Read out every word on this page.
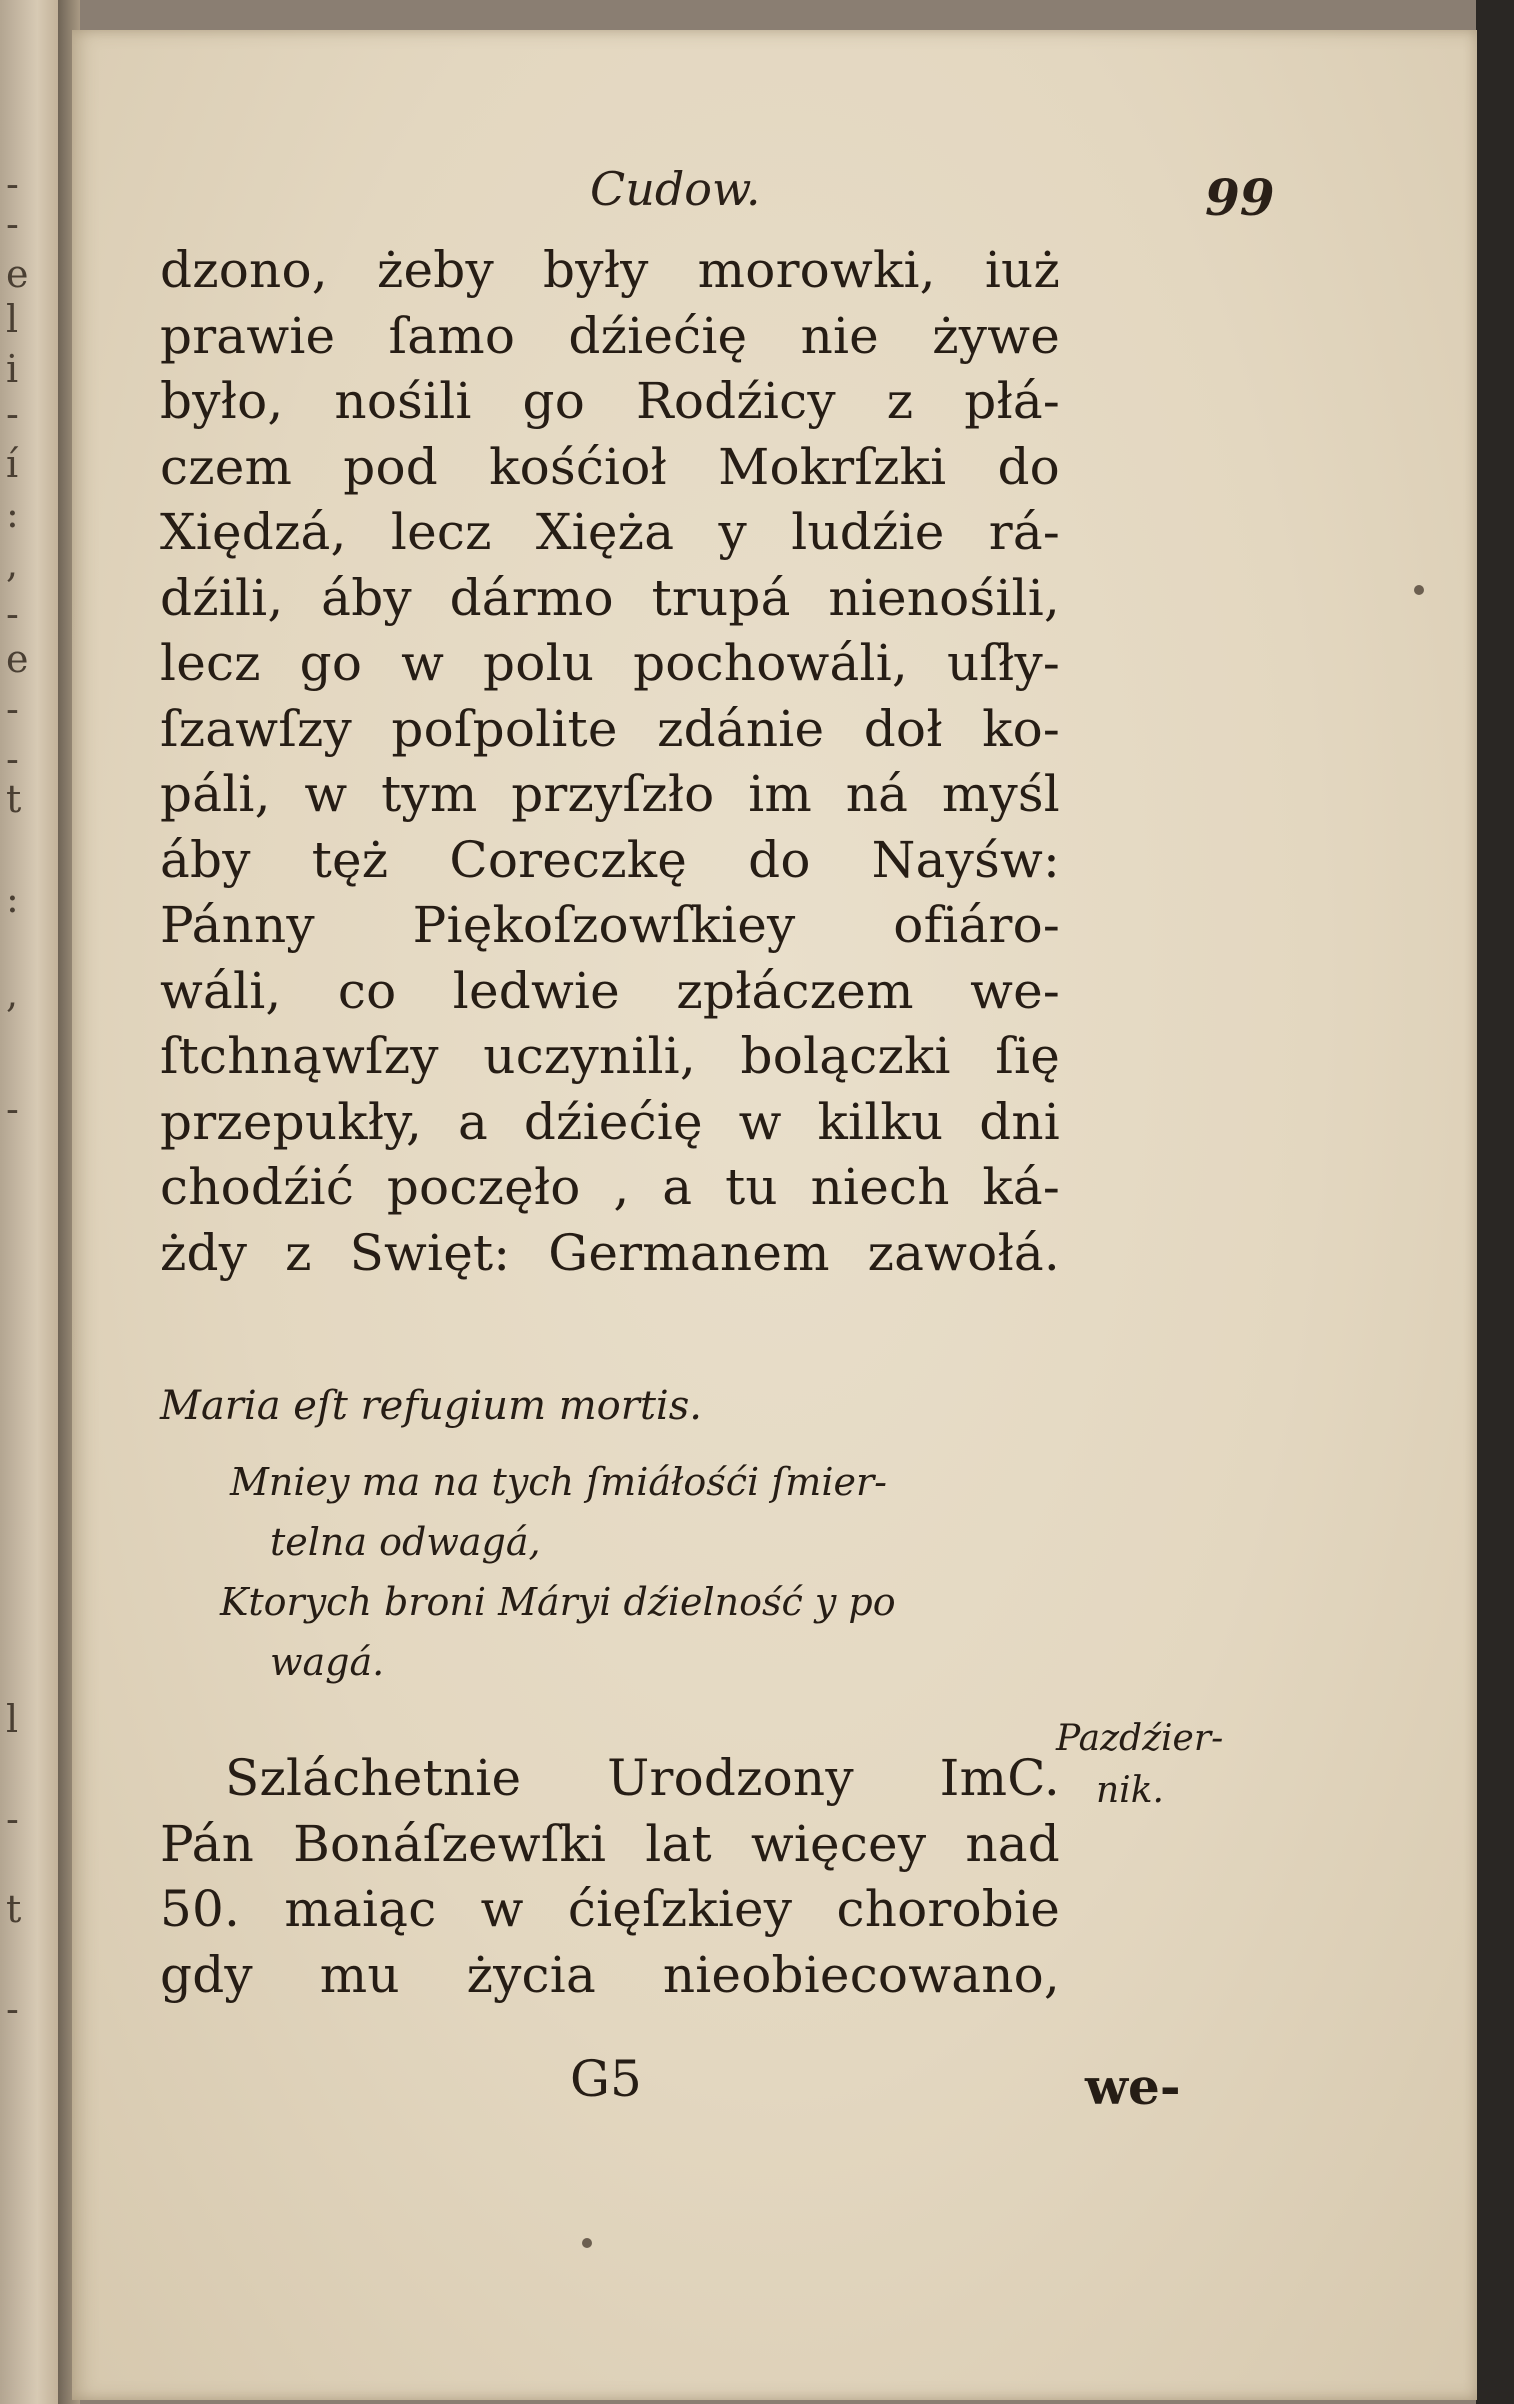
-
-
e
l
i
-
í
:
,
-
e
-
-
t
:
,
-
l
-
t
-
Cudow.	99
dzono, żeby były morowki, iuż
prawie ſamo dźiećię nie żywe
było, nośili go Rodźicy z płá-
czem pod kośćioł Mokrſzki do
Xiędzá, lecz Xięża y ludźie rá-
dźili, áby dármo trupá nienośili,
lecz go w polu pochowáli, uſły-
ſzawſzy poſpolite zdánie doł ko-
páli, w tym przyſzło im ná myśl
áby tęż Coreczkę do Nayśw:
Pánny Piękoſzowſkiey ofiáro-
wáli, co ledwie zpłáczem we-
ſtchnąwſzy uczynili, bolączki ſię
przepukły, a dźiećię w kilku dni
chodźić poczęło , a tu niech ká-
żdy z Swięt: Germanem zawołá.
Maria eſt refugium mortis.
Mniey ma na tych ſmiáłośći ſmier-
telna odwagá,
Ktorych broni Máryi dźielność y po
wagá.
Szláchetnie Urodzony ImC.
Pán Bonáſzewſki lat więcey nad
50. maiąc w ćięſzkiey chorobie
gdy mu życia nieobiecowano,
Pazdźier-
nik.
G5	we-
